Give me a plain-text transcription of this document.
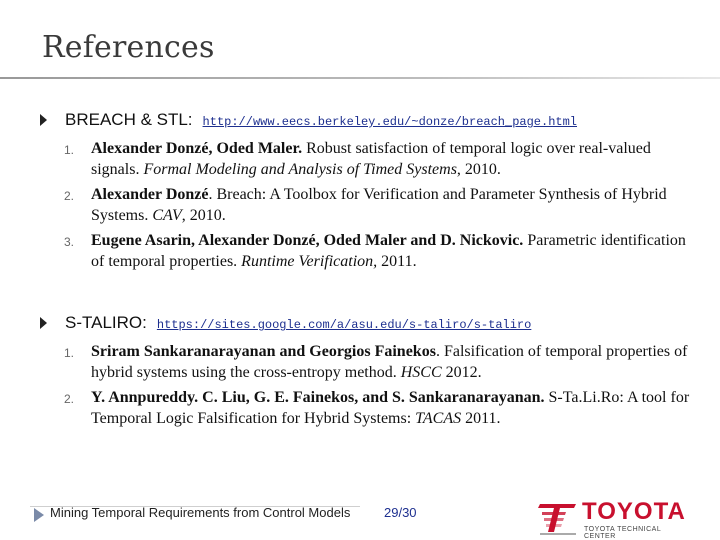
References
BREACH & STL: http://www.eecs.berkeley.edu/~donze/breach_page.html
1. Alexander Donzé, Oded Maler. Robust satisfaction of temporal logic over real-valued signals. Formal Modeling and Analysis of Timed Systems, 2010.
2. Alexander Donzé. Breach: A Toolbox for Verification and Parameter Synthesis of Hybrid Systems. CAV, 2010.
3. Eugene Asarin, Alexander Donzé, Oded Maler and D. Nickovic. Parametric identification of temporal properties. Runtime Verification, 2011.
S-TALIRO: https://sites.google.com/a/asu.edu/s-taliro/s-taliro
1. Sriram Sankaranarayanan and Georgios Fainekos. Falsification of temporal properties of hybrid systems using the cross-entropy method. HSCC 2012.
2. Y. Annpureddy. C. Liu, G. E. Fainekos, and S. Sankaranarayanan. S-Ta.Li.Ro: A tool for Temporal Logic Falsification for Hybrid Systems: TACAS 2011.
Mining Temporal Requirements from Control Models	29/30	TOYOTA
TOYOTA TECHNICAL CENTER
